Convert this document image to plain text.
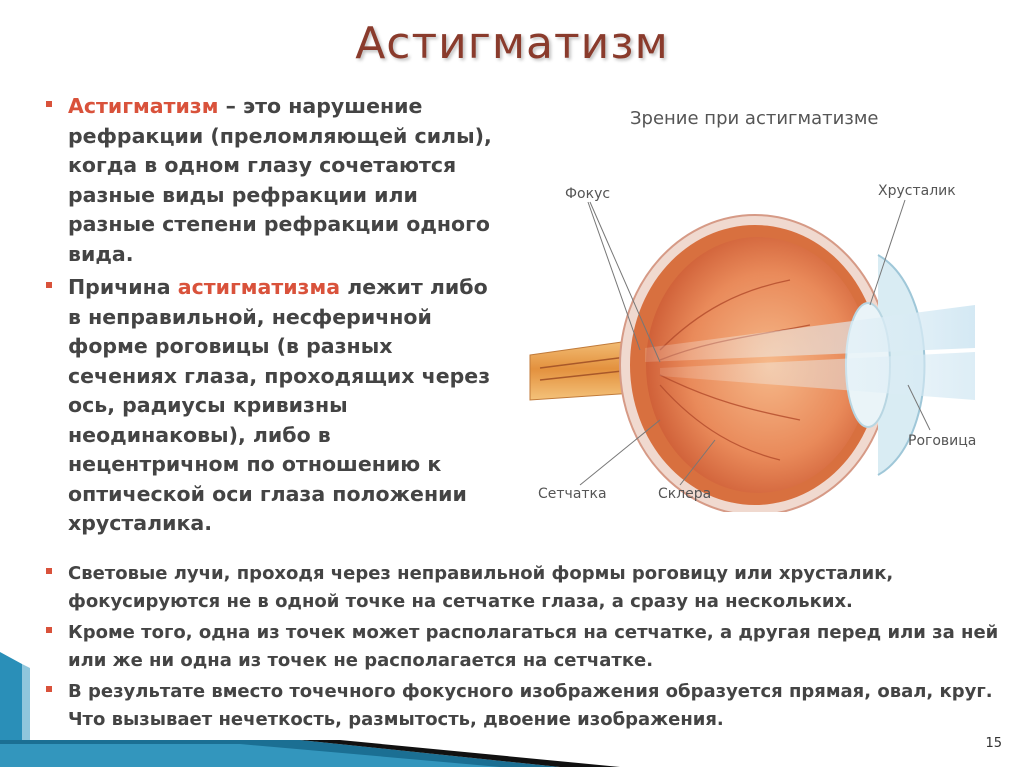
Астигматизм
Астигматизм – это нарушение рефракции (преломляющей силы), когда в одном глазу сочетаются разные виды рефракции или разные степени рефракции одного вида.
Причина астигматизма лежит либо в неправильной, несферичной форме роговицы (в разных сечениях глаза, проходящих через ось, радиусы кривизны неодинаковы), либо в нецентричном по отношению к оптической оси глаза положении хрусталика.
Зрение при астигматизме
Фокус	Хрусталик
Роговица
Сетчатка	Склера
Световые лучи, проходя через неправильной формы роговицу или хрусталик, фокусируются не в одной точке на сетчатке глаза, а сразу на нескольких.
Кроме того, одна из точек может располагаться на сетчатке, а другая перед или за ней или же ни одна из точек не располагается на сетчатке.
В результате вместо точечного фокусного изображения образуется прямая, овал, круг. Что вызывает нечеткость, размытость, двоение изображения.
15
